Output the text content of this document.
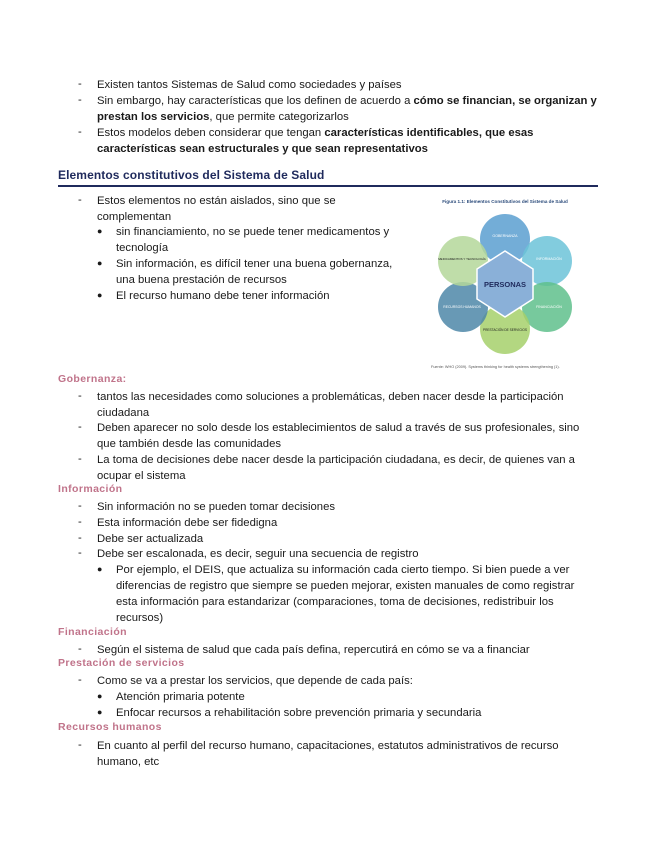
- Existen tantos Sistemas de Salud como sociedades y países
- Sin embargo, hay características que los definen de acuerdo a cómo se financian, se organizan y
prestan los servicios, que permite categorizarlos
- Estos modelos deben considerar que tengan características identificables, que esas
características sean estructurales y que sean representativos
Elementos constitutivos del Sistema de Salud
- Estos elementos no están aislados, sino que se
complementan
sin financiamiento, no se puede tener medicamentos y
tecnología
●
● Sin información, es difícil tener una buena gobernanza,
una buena prestación de recursos
● El recurso humano debe tener información
Figura 1.1: Elementos Constitutivos del Sistema de Salud
PERSONAS
GOBERNANZA
INFORMACIÓN
FINANCIACIÓN
PRESTACIÓN DE SERVICIOS
RECURSOS HUMANOS
MEDICAMENTOS Y TECNOLOGÍA
Fuente: WHO (2009). Systems thinking for health systems strengthening (1).
Gobernanza:
- tantos las necesidades como soluciones a problemáticas, deben nacer desde la participación
ciudadana
- Deben aparecer no solo desde los establecimientos de salud a través de sus profesionales, sino
que también desde las comunidades
- La toma de decisiones debe nacer desde la participación ciudadana, es decir, de quienes van a
ocupar el sistema
Información
- Sin información no se pueden tomar decisiones
- Esta información debe ser fidedigna
- Debe ser actualizada
- Debe ser escalonada, es decir, seguir una secuencia de registro
● Por ejemplo, el DEIS, que actualiza su información cada cierto tiempo. Si bien puede a ver
diferencias de registro que siempre se pueden mejorar, existen manuales de como registrar
esta información para estandarizar (comparaciones, toma de decisiones, redistribuir los
recursos)
Financiación
- Según el sistema de salud que cada país defina, repercutirá en cómo se va a financiar
Prestación de servicios
- Como se va a prestar los servicios, que depende de cada país:
● Atención primaria potente
● Enfocar recursos a rehabilitación sobre prevención primaria y secundaria
Recursos humanos
- En cuanto al perfil del recurso humano, capacitaciones, estatutos administrativos de recurso
humano, etc
